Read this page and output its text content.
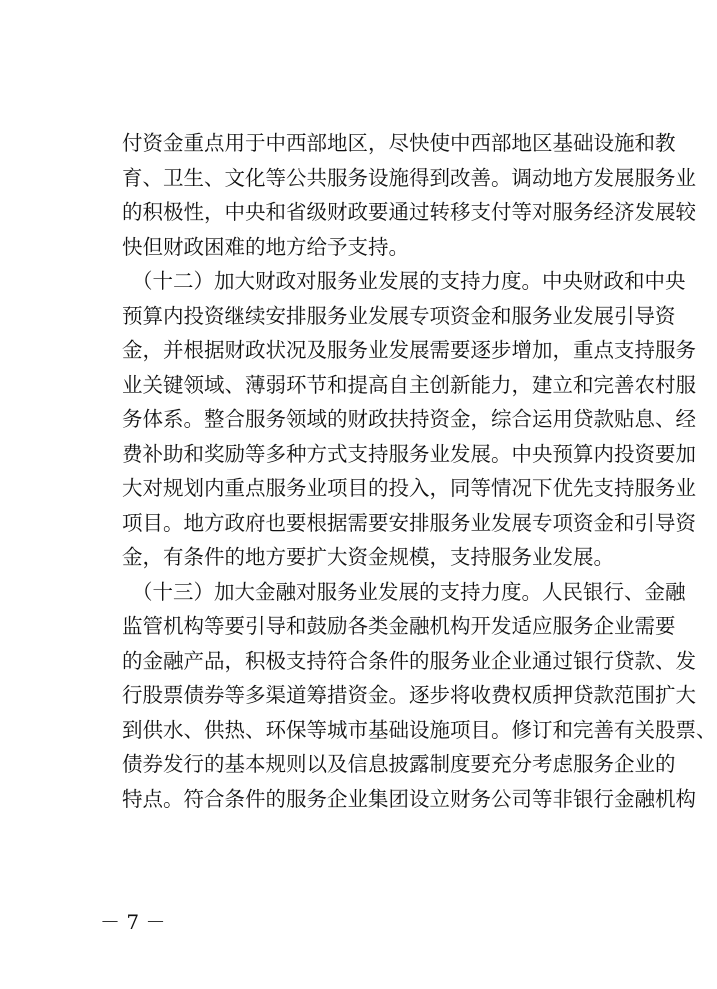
付资金重点用于中西部地区，尽快使中西部地区基础设施和教
育、卫生、文化等公共服务设施得到改善。调动地方发展服务业
的积极性，中央和省级财政要通过转移支付等对服务经济发展较
快但财政困难的地方给予支持。
（十二）加大财政对服务业发展的支持力度。中央财政和中央
预算内投资继续安排服务业发展专项资金和服务业发展引导资
金，并根据财政状况及服务业发展需要逐步增加，重点支持服务
业关键领域、薄弱环节和提高自主创新能力，建立和完善农村服
务体系。整合服务领域的财政扶持资金，综合运用贷款贴息、经
费补助和奖励等多种方式支持服务业发展。中央预算内投资要加
大对规划内重点服务业项目的投入，同等情况下优先支持服务业
项目。地方政府也要根据需要安排服务业发展专项资金和引导资
金，有条件的地方要扩大资金规模，支持服务业发展。
（十三）加大金融对服务业发展的支持力度。人民银行、金融
监管机构等要引导和鼓励各类金融机构开发适应服务企业需要
的金融产品，积极支持符合条件的服务业企业通过银行贷款、发
行股票债券等多渠道筹措资金。逐步将收费权质押贷款范围扩大
到供水、供热、环保等城市基础设施项目。修订和完善有关股票、
债券发行的基本规则以及信息披露制度要充分考虑服务企业的
特点。符合条件的服务企业集团设立财务公司等非银行金融机构
－ 7 －
